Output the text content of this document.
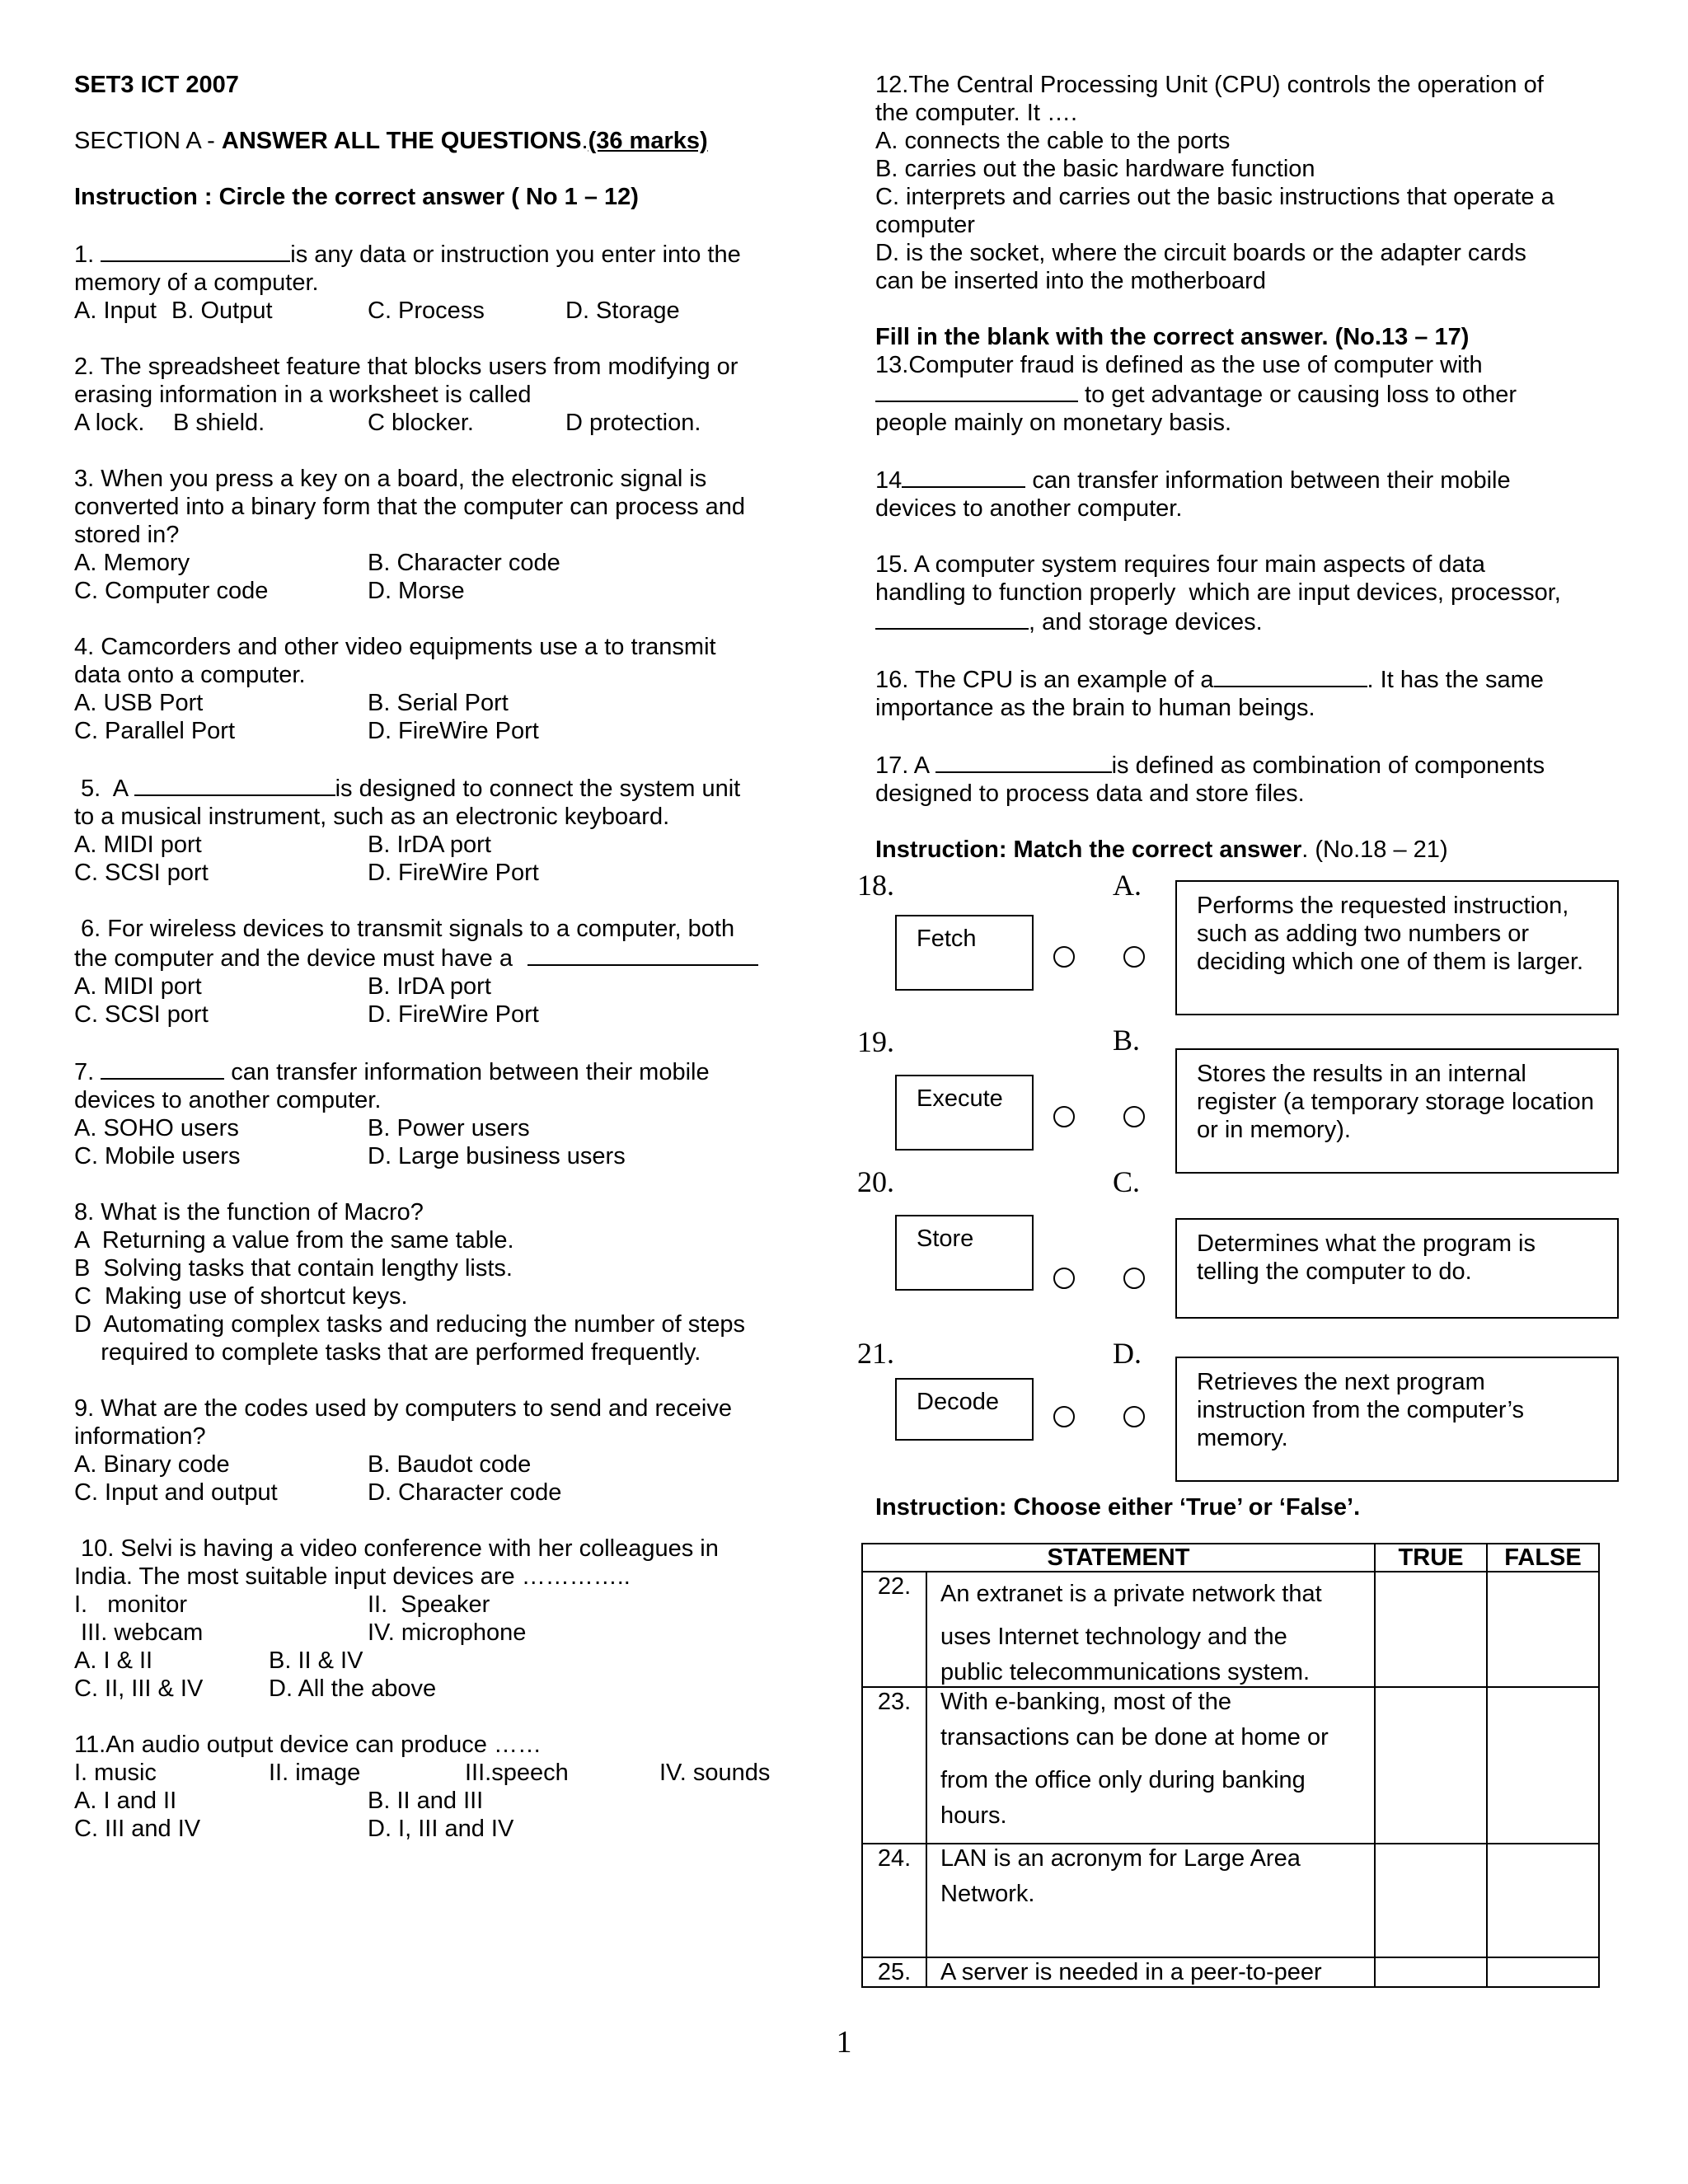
SET3 ICT 2007

SECTION A - ANSWER ALL THE QUESTIONS.(36 marks)

Instruction : Circle the correct answer ( No 1 – 12)

1.	is any data or instruction you enter into the

memory of a computer.

A. Input B. Output	C. Process	D. Storage

2. The spreadsheet feature that blocks users from modifying or

erasing information in a worksheet is called

A lock. B shield.	C blocker.	D protection.

3. When you press a key on a board, the electronic signal is

converted into a binary form that the computer can process and

stored in?

A. Memory	B. Character code
C. Computer code	D. Morse

4. Camcorders and other video equipments use a to transmit

data onto a computer.

A. USB Port	B. Serial Port
C. Parallel Port	D. FireWire Port

5.  A	is designed to connect the system unit

to a musical instrument, such as an electronic keyboard.

A. MIDI port	B. IrDA port
C. SCSI port	D. FireWire Port

6. For wireless devices to transmit signals to a computer, both

the computer and the device must have a

A. MIDI port	B. IrDA port
C. SCSI port	D. FireWire Port

7.	can transfer information between their mobile

devices to another computer.

A. SOHO users	B. Power users
C. Mobile users	D. Large business users

8. What is the function of Macro?

A  Returning a value from the same table.

B  Solving tasks that contain lengthy lists.

C  Making use of shortcut keys.

D  Automating complex tasks and reducing the number of steps

required to complete tasks that are performed frequently.

9. What are the codes used by computers to send and receive

information?

A. Binary code	B. Baudot code
C. Input and output	D. Character code

10. Selvi is having a video conference with her colleagues in

India. The most suitable input devices are …………..

I.   monitor	II.  Speaker
III. webcam	IV. microphone
A. I & II	B. II & IV
C. II, III & IV	D. All the above

11.An audio output device can produce ……

I. music	II. image	III.speech	IV. sounds
A. I and II	B. II and III
C. III and IV	D. I, III and IV

12.The Central Processing Unit (CPU) controls the operation of

the computer. It ….

A. connects the cable to the ports

B. carries out the basic hardware function

C. interprets and carries out the basic instructions that operate a

computer

D. is the socket, where the circuit boards or the adapter cards

can be inserted into the motherboard

Fill in the blank with the correct answer. (No.13 – 17)

13.Computer fraud is defined as the use of computer with

to get advantage or causing loss to other

people mainly on monetary basis.

14	can transfer information between their mobile

devices to another computer.

15. A computer system requires four main aspects of data

handling to function properly  which are input devices, processor,

, and storage devices.

16. The CPU is an example of a	. It has the same

importance as the brain to human beings.

17. A	is defined as combination of components

designed to process data and store files.

Instruction: Match the correct answer. (No.18 – 21)

18.	A.
Fetch
Performs the requested instruction, such as adding two numbers or deciding which one of them is larger.
19.	B.
Execute
Stores the results in an internal register (a temporary storage location or in memory).
20.	C.
Store	Determines what the program is telling the computer to do.
21.	D.
Decode
Retrieves the next program instruction from the computer’s memory.

Instruction: Choose either ‘True’ or ‘False’.

STATEMENT		TRUE	FALSE
22.	An extranet is a private network that
uses Internet technology and the
public telecommunications system.		

23.	With e-banking, most of the
transactions can be done at home or
from the office only during banking
hours.		

24.	LAN is an acronym for Large Area
Network.		

25.	A server is needed in a peer-to-peer		

1
